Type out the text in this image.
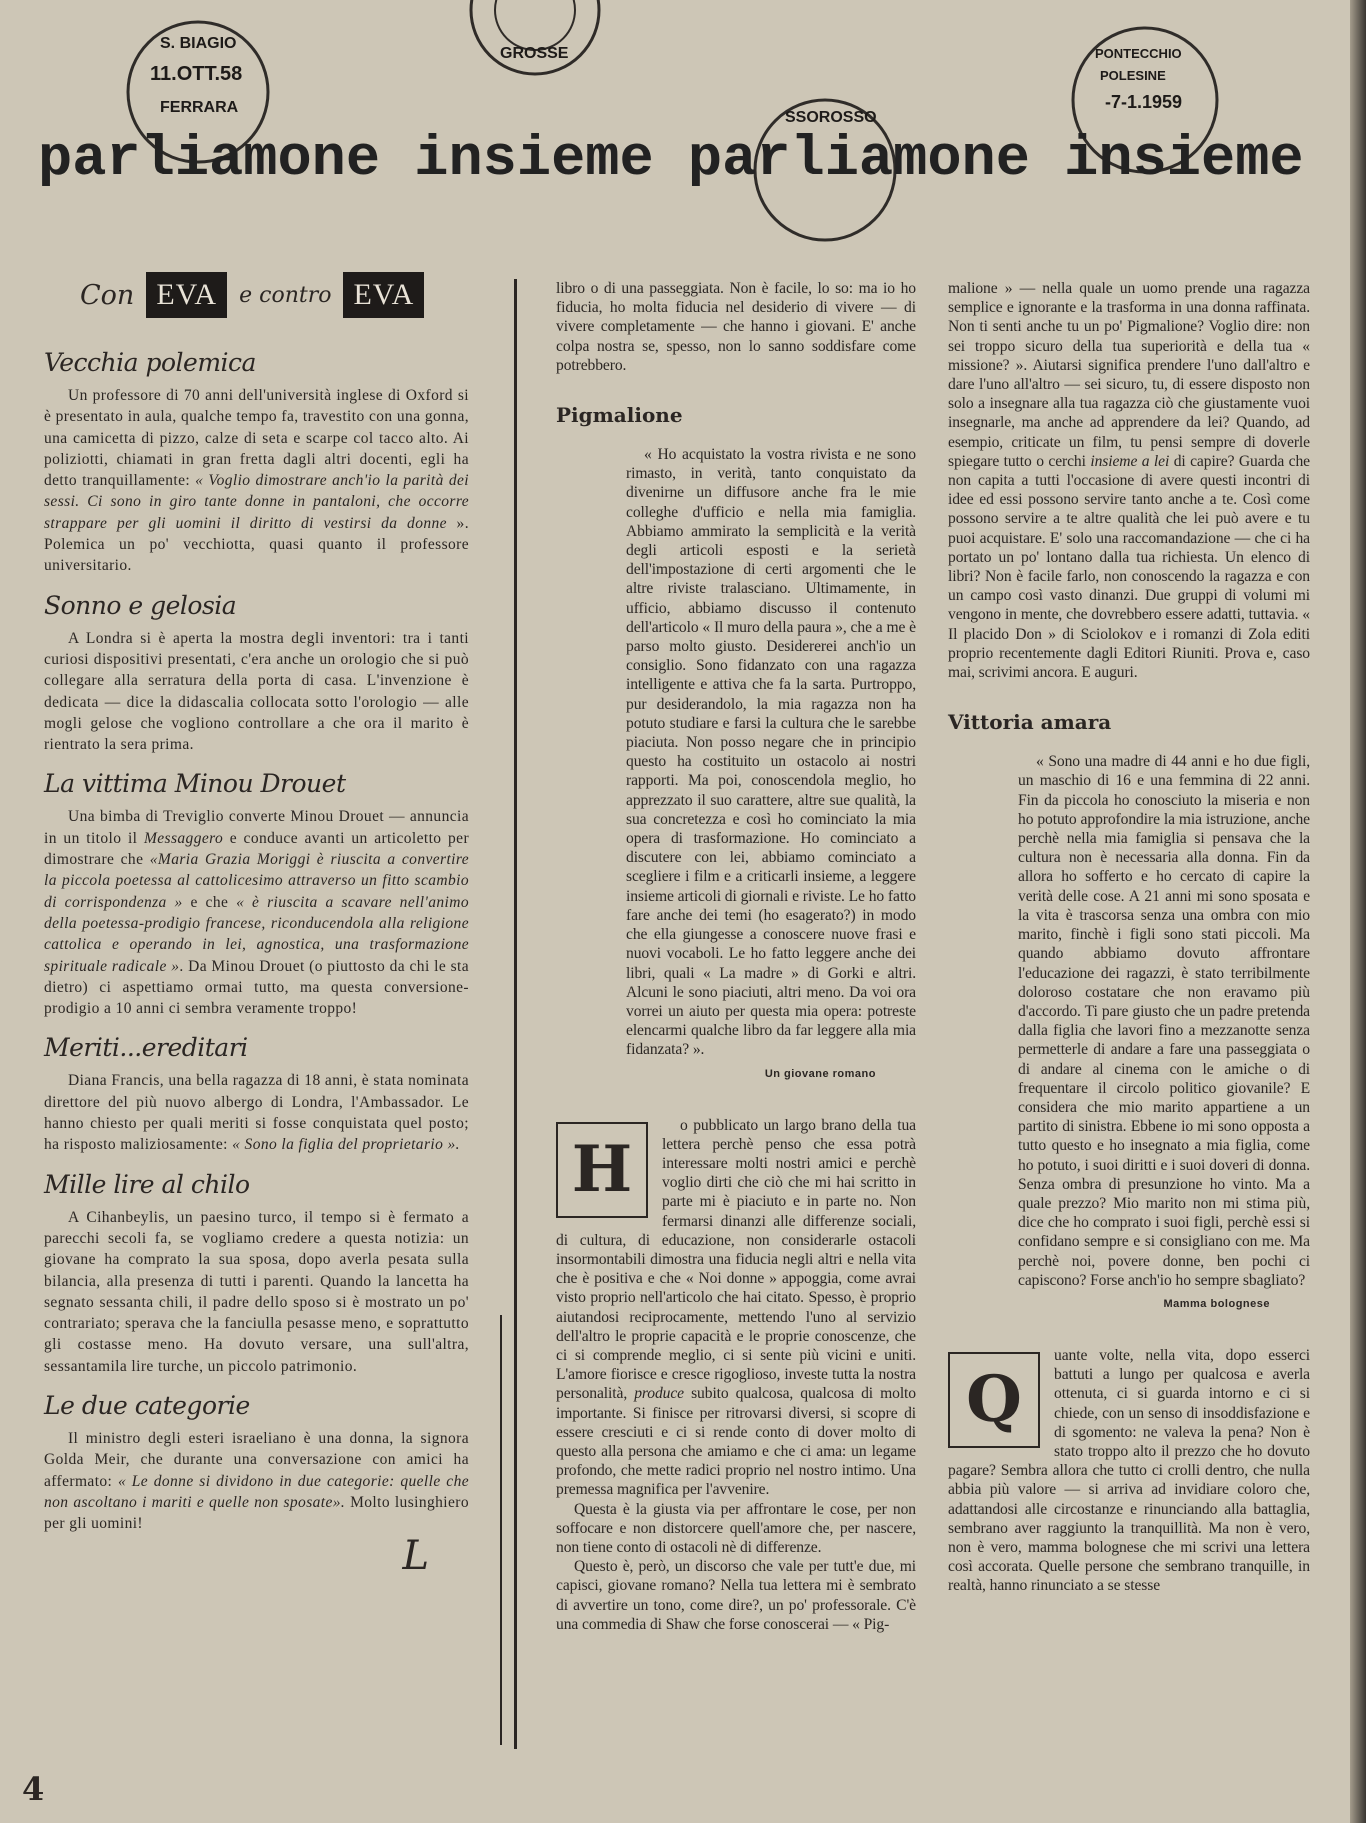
S. BIAGIO
11.OTT.58
FERRARA
GROSSE
SSOROSSO
PONTECCHIO
POLESINE
-7-1.1959
parliamone insieme parliamone insieme
Con EVA	e contro EVA
Vecchia polemica

Un professore di 70 anni dell'università inglese di Oxford si è presentato in aula, qualche tempo fa, travestito con una gonna, una camicetta di pizzo, calze di seta e scarpe col tacco alto. Ai poliziotti, chiamati in gran fretta dagli altri docenti, egli ha detto tranquillamente: « Voglio dimostrare anch'io la parità dei sessi. Ci sono in giro tante donne in pantaloni, che occorre strappare per gli uomini il diritto di vestirsi da donne ». Polemica un po' vecchiotta, quasi quanto il professore universitario.

Sonno e gelosia

A Londra si è aperta la mostra degli inventori: tra i tanti curiosi dispositivi presentati, c'era anche un orologio che si può collegare alla serratura della porta di casa. L'invenzione è dedicata — dice la didascalia collocata sotto l'orologio — alle mogli gelose che vogliono controllare a che ora il marito è rientrato la sera prima.

La vittima Minou Drouet

Una bimba di Treviglio converte Minou Drouet — annuncia in un titolo il Messaggero e conduce avanti un articoletto per dimostrare che «Maria Grazia Moriggi è riuscita a convertire la piccola poetessa al cattolicesimo attraverso un fitto scambio di corrispondenza » e che « è riuscita a scavare nell'animo della poetessa-prodigio francese, riconducendola alla religione cattolica e operando in lei, agnostica, una trasformazione spirituale radicale ». Da Minou Drouet (o piuttosto da chi le sta dietro) ci aspettiamo ormai tutto, ma questa conversione-prodigio a 10 anni ci sembra veramente troppo!

Meriti...ereditari

Diana Francis, una bella ragazza di 18 anni, è stata nominata direttore del più nuovo albergo di Londra, l'Ambassador. Le hanno chiesto per quali meriti si fosse conquistata quel posto; ha risposto maliziosamente: « Sono la figlia del proprietario ».

Mille lire al chilo

A Cihanbeylis, un paesino turco, il tempo si è fermato a parecchi secoli fa, se vogliamo credere a questa notizia: un giovane ha comprato la sua sposa, dopo averla pesata sulla bilancia, alla presenza di tutti i parenti. Quando la lancetta ha segnato sessanta chili, il padre dello sposo si è mostrato un po' contrariato; sperava che la fanciulla pesasse meno, e soprattutto gli costasse meno. Ha dovuto versare, una sull'altra, sessantamila lire turche, un piccolo patrimonio.

Le due categorie

Il ministro degli esteri israeliano è una donna, la signora Golda Meir, che durante una conversazione con amici ha affermato: « Le donne si dividono in due categorie: quelle che non ascoltano i mariti e quelle non sposate». Molto lusinghiero per gli uomini!

L

libro o di una passeggiata. Non è facile, lo so: ma io ho fiducia, ho molta fiducia nel desiderio di vivere — di vivere completamente — che hanno i giovani. E' anche colpa nostra se, spesso, non lo sanno soddisfare come potrebbero.

Pigmalione

« Ho acquistato la vostra rivista e ne sono rimasto, in verità, tanto conquistato da divenirne un diffusore anche fra le mie colleghe d'ufficio e nella mia famiglia. Abbiamo ammirato la semplicità e la verità degli articoli esposti e la serietà dell'impostazione di certi argomenti che le altre riviste tralasciano. Ultimamente, in ufficio, abbiamo discusso il contenuto dell'articolo « Il muro della paura », che a me è parso molto giusto. Desidererei anch'io un consiglio. Sono fidanzato con una ragazza intelligente e attiva che fa la sarta. Purtroppo, pur desiderandolo, la mia ragazza non ha potuto studiare e farsi la cultura che le sarebbe piaciuta. Non posso negare che in principio questo ha costituito un ostacolo ai nostri rapporti. Ma poi, conoscendola meglio, ho apprezzato il suo carattere, altre sue qualità, la sua concretezza e così ho cominciato la mia opera di trasformazione. Ho cominciato a discutere con lei, abbiamo cominciato a scegliere i film e a criticarli insieme, a leggere insieme articoli di giornali e riviste. Le ho fatto fare anche dei temi (ho esagerato?) in modo che ella giungesse a conoscere nuove frasi e nuovi vocaboli. Le ho fatto leggere anche dei libri, quali « La madre » di Gorki e altri. Alcuni le sono piaciuti, altri meno. Da voi ora vorrei un aiuto per questa mia opera: potreste elencarmi qualche libro da far leggere alla mia fidanzata? ».

Un giovane romano
H

o pubblicato un largo brano della tua lettera perchè penso che essa potrà interessare molti nostri amici e perchè voglio dirti che ciò che mi hai scritto in parte mi è piaciuto e in parte no. Non fermarsi dinanzi alle differenze sociali, di cultura, di educazione, non considerarle ostacoli insormontabili dimostra una fiducia negli altri e nella vita che è positiva e che « Noi donne » appoggia, come avrai visto proprio nell'articolo che hai citato. Spesso, è proprio aiutandosi reciprocamente, mettendo l'uno al servizio dell'altro le proprie capacità e le proprie conoscenze, che ci si comprende meglio, ci si sente più vicini e uniti. L'amore fiorisce e cresce rigoglioso, investe tutta la nostra personalità, produce subito qualcosa, qualcosa di molto importante. Si finisce per ritrovarsi diversi, si scopre di essere cresciuti e ci si rende conto di dover molto di questo alla persona che amiamo e che ci ama: un legame profondo, che mette radici proprio nel nostro intimo. Una premessa magnifica per l'avvenire.

Questa è la giusta via per affrontare le cose, per non soffocare e non distorcere quell'amore che, per nascere, non tiene conto di ostacoli nè di differenze.

Questo è, però, un discorso che vale per tutt'e due, mi capisci, giovane romano? Nella tua lettera mi è sembrato di avvertire un tono, come dire?, un po' professorale. C'è una commedia di Shaw che forse conoscerai — « Pig-

malione » — nella quale un uomo prende una ragazza semplice e ignorante e la trasforma in una donna raffinata. Non ti senti anche tu un po' Pigmalione? Voglio dire: non sei troppo sicuro della tua superiorità e della tua « missione? ». Aiutarsi significa prendere l'uno dall'altro e dare l'uno all'altro — sei sicuro, tu, di essere disposto non solo a insegnare alla tua ragazza ciò che giustamente vuoi insegnarle, ma anche ad apprendere da lei? Quando, ad esempio, criticate un film, tu pensi sempre di doverle spiegare tutto o cerchi insieme a lei di capire? Guarda che non capita a tutti l'occasione di avere questi incontri di idee ed essi possono servire tanto anche a te. Così come possono servire a te altre qualità che lei può avere e tu puoi acquistare. E' solo una raccomandazione — che ci ha portato un po' lontano dalla tua richiesta. Un elenco di libri? Non è facile farlo, non conoscendo la ragazza e con un campo così vasto dinanzi. Due gruppi di volumi mi vengono in mente, che dovrebbero essere adatti, tuttavia. « Il placido Don » di Sciolokov e i romanzi di Zola editi proprio recentemente dagli Editori Riuniti. Prova e, caso mai, scrivimi ancora. E auguri.

Vittoria amara

« Sono una madre di 44 anni e ho due figli, un maschio di 16 e una femmina di 22 anni. Fin da piccola ho conosciuto la miseria e non ho potuto approfondire la mia istruzione, anche perchè nella mia famiglia si pensava che la cultura non è necessaria alla donna. Fin da allora ho sofferto e ho cercato di capire la verità delle cose. A 21 anni mi sono sposata e la vita è trascorsa senza una ombra con mio marito, finchè i figli sono stati piccoli. Ma quando abbiamo dovuto affrontare l'educazione dei ragazzi, è stato terribilmente doloroso costatare che non eravamo più d'accordo. Ti pare giusto che un padre pretenda dalla figlia che lavori fino a mezzanotte senza permetterle di andare a fare una passeggiata o di andare al cinema con le amiche o di frequentare il circolo politico giovanile? E considera che mio marito appartiene a un partito di sinistra. Ebbene io mi sono opposta a tutto questo e ho insegnato a mia figlia, come ho potuto, i suoi diritti e i suoi doveri di donna. Senza ombra di presunzione ho vinto. Ma a quale prezzo? Mio marito non mi stima più, dice che ho comprato i suoi figli, perchè essi si confidano sempre e si consigliano con me. Ma perchè noi, povere donne, ben pochi ci capiscono? Forse anch'io ho sempre sbagliato?

Mamma bolognese
Q

uante volte, nella vita, dopo esserci battuti a lungo per qualcosa e averla ottenuta, ci si guarda intorno e ci si chiede, con un senso di insoddisfazione e di sgomento: ne valeva la pena? Non è stato troppo alto il prezzo che ho dovuto pagare? Sembra allora che tutto ci crolli dentro, che nulla abbia più valore — si arriva ad invidiare coloro che, adattandosi alle circostanze e rinunciando alla battaglia, sembrano aver raggiunto la tranquillità. Ma non è vero, non è vero, mamma bolognese che mi scrivi una lettera così accorata. Quelle persone che sembrano tranquille, in realtà, hanno rinunciato a se stesse

4
